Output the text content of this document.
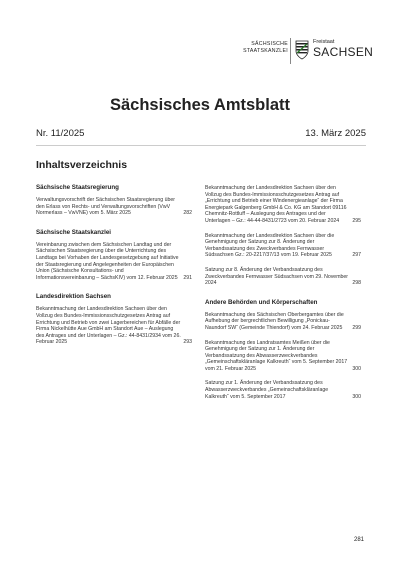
SÄCHSISCHE
STAATSKANZLEI
Freistaat
SACHSEN
Sächsisches Amtsblatt
Nr. 11/2025	13. März 2025
Inhaltsverzeichnis
Sächsische Staatsregierung
Verwaltungsvorschrift der Sächsischen Staatsregierung über den Erlass von Rechts- und Verwaltungsvorschriften (VwV Normerlass – VwVNE) vom 5. März 2025	282
Sächsische Staatskanzlei
Vereinbarung zwischen dem Sächsischen Landtag und der Sächsischen Staatsregierung über die Unterrichtung des Landtags bei Vorhaben der Landesgesetzgebung auf Initiative der Staatsregierung und Angelegenheiten der Europäischen Union (Sächsische Konsultations- und Informationsvereinbarung – SächsKIV) vom 12. Februar 2025 291
Landesdirektion Sachsen
Bekanntmachung der Landesdirektion Sachsen über den Vollzug des Bundes-Immissionsschutzgesetzes Antrag auf Errichtung und Betrieb von zwei Lagerbereichen für Abfälle der Firma Nickelhütte Aue GmbH am Standort Aue – Auslegung des Antrages und der Unterlagen – Gz.: 44-8431/2934 vom 26. Februar 2025	293
Bekanntmachung der Landesdirektion Sachsen über den Vollzug des Bundes-Immissionsschutzgesetzes Antrag auf „Errichtung und Betrieb einer Windenergieanlage“ der Firma Energiepark Galgenberg GmbH & Co. KG am Standort 09116 Chemnitz-Rottluff – Auslegung des Antrages und der Unterlagen – Gz.: 44-44-8431/2723 vom 20. Februar 2024	295
Bekanntmachung der Landesdirektion Sachsen über die Genehmigung der Satzung zur 8. Änderung der Verbandssatzung des Zweckverbandes Fernwasser Südsachsen Gz.: 20-2217/37/13 vom 19. Februar 2025	297
Satzung zur 8. Änderung der Verbandssatzung des Zweckverbandes Fernwasser Südsachsen vom 29. November 2024	298
Andere Behörden und Körperschaften
Bekanntmachung des Sächsischen Oberbergamtes über die Aufhebung der bergrechtlichen Bewilligung „Ponickau-Naundorf SW“ (Gemeinde Thiendorf) vom 24. Februar 2025 299
Bekanntmachung des Landratsamtes Meißen über die Genehmigung der Satzung zur 1. Änderung der Verbandssatzung des Abwasserzweckverbandes „Gemeinschaftskläranlage Kalkreuth“ vom 5. September 2017 vom 21. Februar 2025	300
Satzung zur 1. Änderung der Verbandssatzung des Abwasserzweckverbandes „Gemeinschaftskläranlage Kalkreuth“ vom 5. September 2017	300
281
